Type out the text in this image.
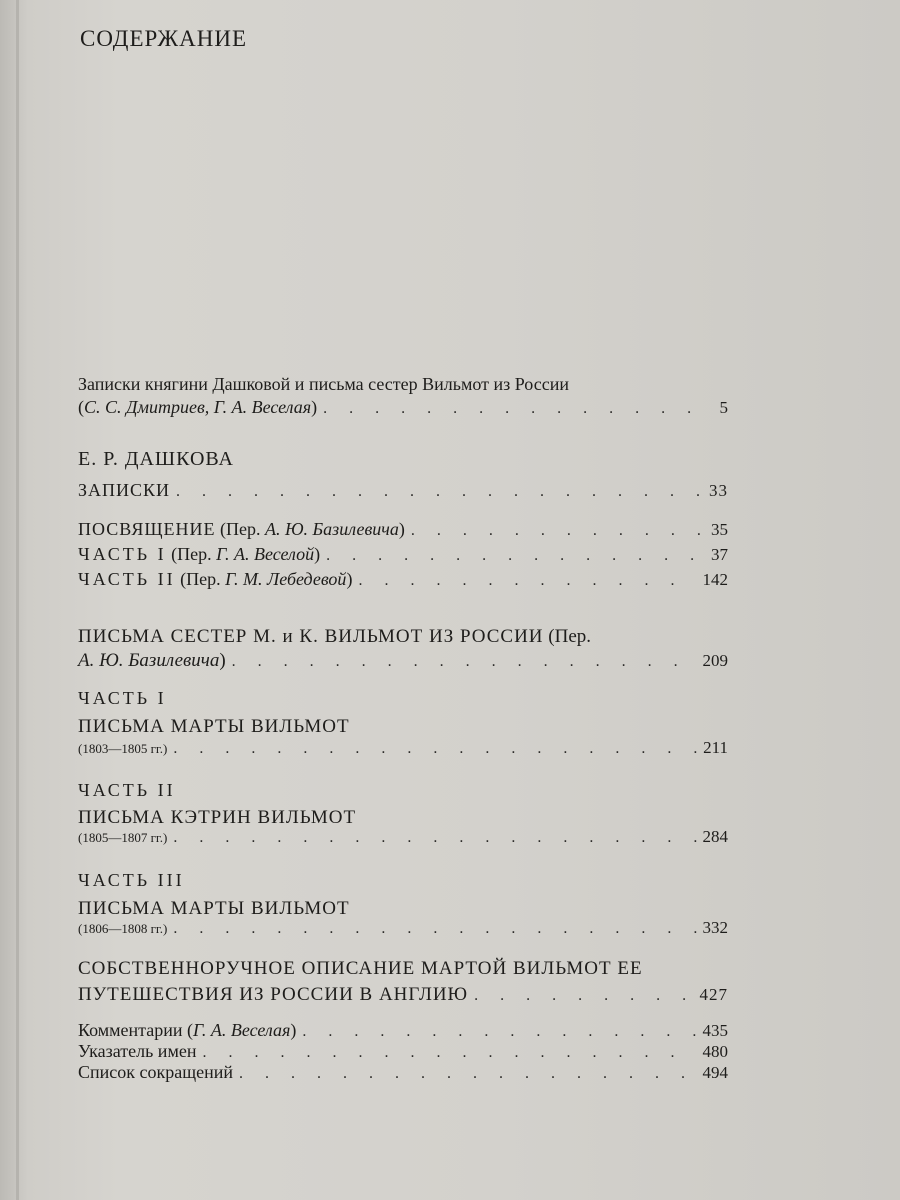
СОДЕРЖАНИЕ
Записки княгини Дашковой и письма сестер Вильмот из России
(С. С. Дмитриев, Г. А. Веселая) . . .	5
Е. Р. ДАШКОВА
ЗАПИСКИ . . .	33
ПОСВЯЩЕНИЕ (Пер. А. Ю. Базилевича) . . .	35
ЧАСТЬ I (Пер. Г. А. Веселой) . . .	37
ЧАСТЬ II (Пер. Г. М. Лебедевой) . . .	142
ПИСЬМА СЕСТЕР М. и К. ВИЛЬМОТ ИЗ РОССИИ (Пер.
А. Ю. Базилевича) . . .	209
ЧАСТЬ I
ПИСЬМА МАРТЫ ВИЛЬМОТ
(1803—1805 гг.) . . .	211
ЧАСТЬ II
ПИСЬМА КЭТРИН ВИЛЬМОТ
(1805—1807 гг.) . . .	284
ЧАСТЬ III
ПИСЬМА МАРТЫ ВИЛЬМОТ
(1806—1808 гг.) . . .	332
СОБСТВЕННОРУЧНОЕ ОПИСАНИЕ МАРТОЙ ВИЛЬМОТ ЕЕ
ПУТЕШЕСТВИЯ ИЗ РОССИИ В АНГЛИЮ . . .	427
Комментарии (Г. А. Веселая) . . .	435
Указатель имен . . .	480
Список сокращений . . .	494
